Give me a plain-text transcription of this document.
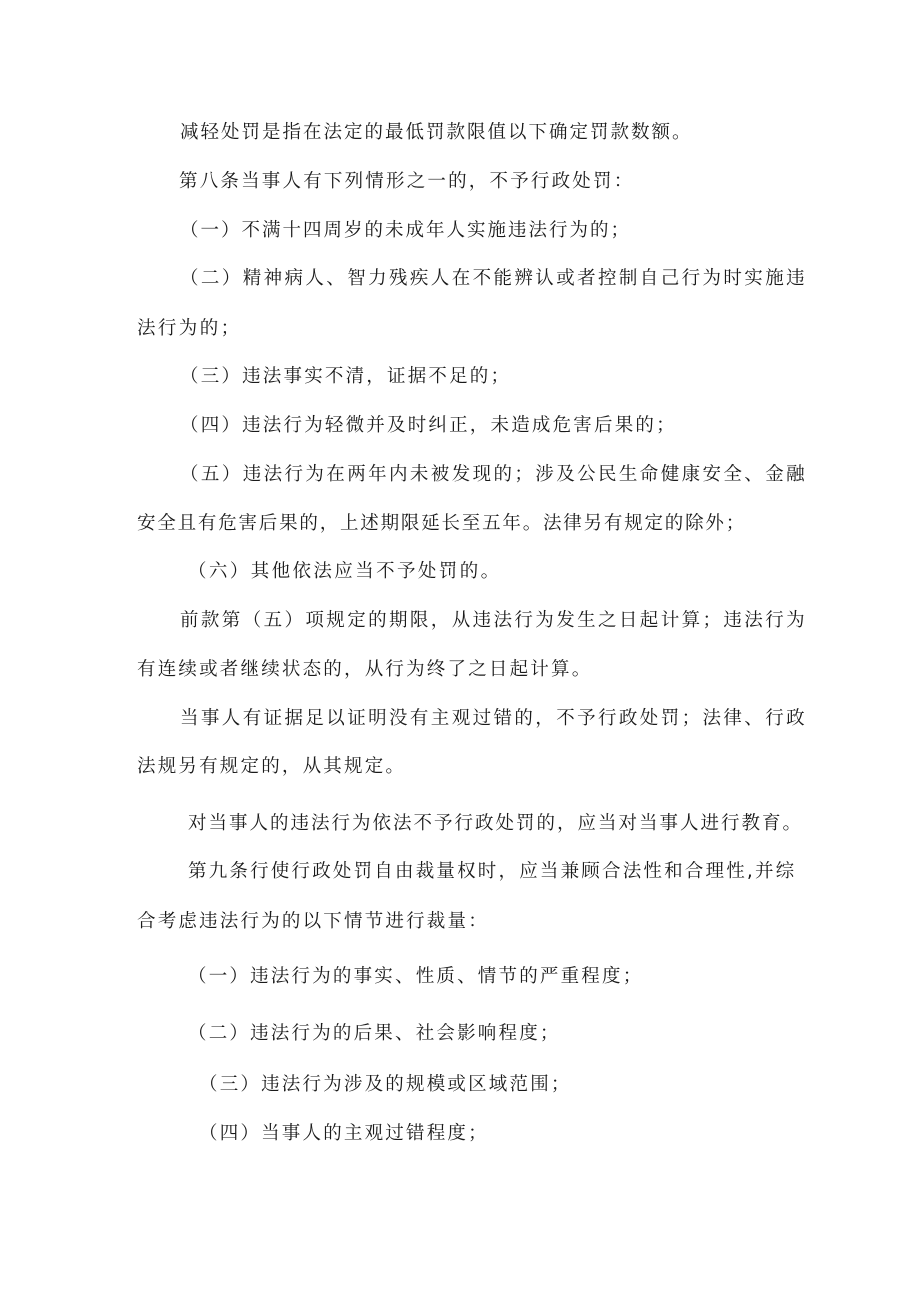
减轻处罚是指在法定的最低罚款限值以下确定罚款数额。
第八条当事人有下列情形之一的，不予行政处罚：
（一）不满十四周岁的未成年人实施违法行为的；
（二）精神病人、智力残疾人在不能辨认或者控制自己行为时实施违
法行为的；
（三）违法事实不清，证据不足的；
（四）违法行为轻微并及时纠正，未造成危害后果的；
（五）违法行为在两年内未被发现的；涉及公民生命健康安全、金融
安全且有危害后果的，上述期限延长至五年。法律另有规定的除外；
（六）其他依法应当不予处罚的。
前款第（五）项规定的期限，从违法行为发生之日起计算；违法行为
有连续或者继续状态的，从行为终了之日起计算。
当事人有证据足以证明没有主观过错的，不予行政处罚；法律、行政
法规另有规定的，从其规定。
对当事人的违法行为依法不予行政处罚的，应当对当事人进行教育。
第九条行使行政处罚自由裁量权时，应当兼顾合法性和合理性,并综
合考虑违法行为的以下情节进行裁量：
（一）违法行为的事实、性质、情节的严重程度；
（二）违法行为的后果、社会影响程度；
（三）违法行为涉及的规模或区域范围；
（四）当事人的主观过错程度；
